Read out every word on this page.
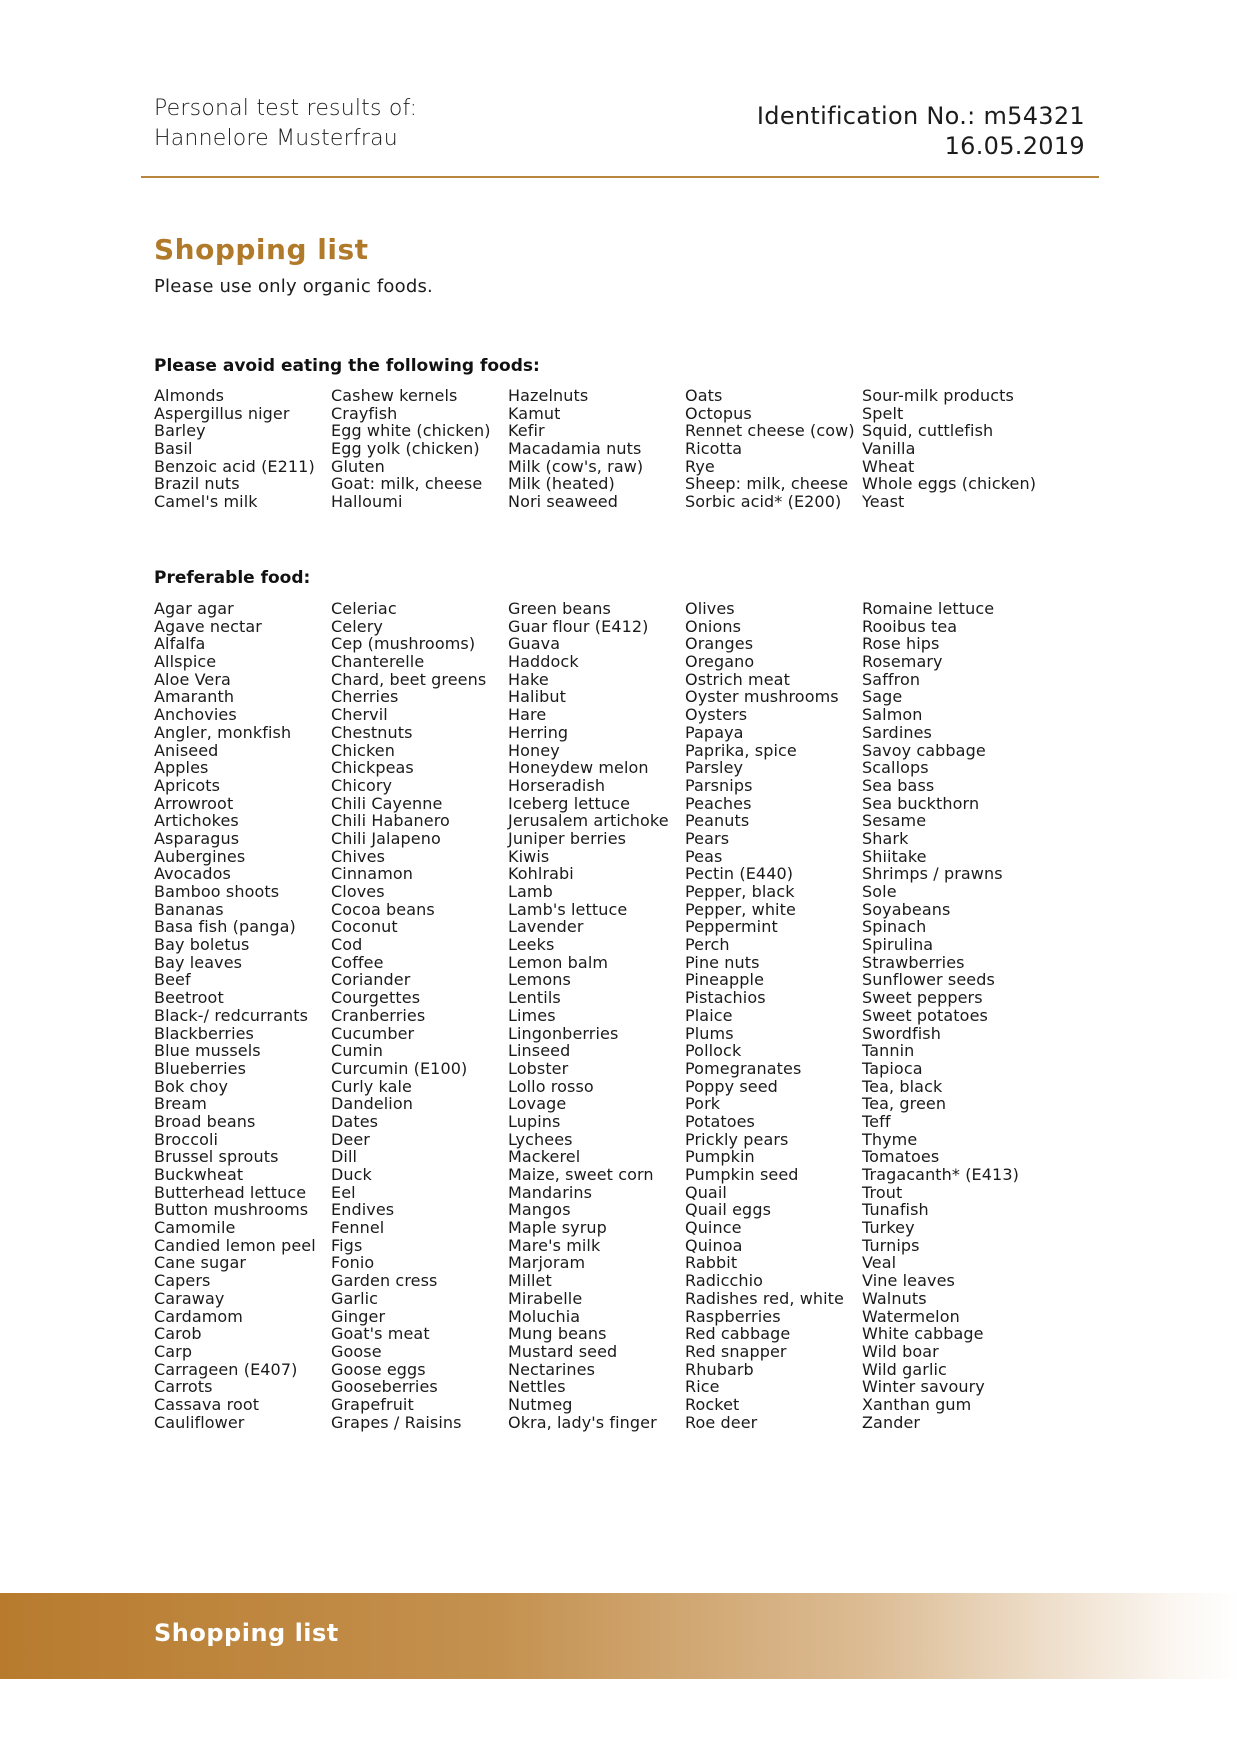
Personal test results of:
Hannelore Musterfrau
Identification No.: m54321
16.05.2019
Shopping list
Please use only organic foods.
Please avoid eating the following foods:
Almonds
Aspergillus niger
Barley
Basil
Benzoic acid (E211)
Brazil nuts
Camel's milk
Cashew kernels
Crayfish
Egg white (chicken)
Egg yolk (chicken)
Gluten
Goat: milk, cheese
Halloumi
Hazelnuts
Kamut
Kefir
Macadamia nuts
Milk (cow's, raw)
Milk (heated)
Nori seaweed
Oats
Octopus
Rennet cheese (cow)
Ricotta
Rye
Sheep: milk, cheese
Sorbic acid* (E200)
Sour-milk products
Spelt
Squid, cuttlefish
Vanilla
Wheat
Whole eggs (chicken)
Yeast
Preferable food:
Agar agar
Agave nectar
Alfalfa
Allspice
Aloe Vera
Amaranth
Anchovies
Angler, monkfish
Aniseed
Apples
Apricots
Arrowroot
Artichokes
Asparagus
Aubergines
Avocados
Bamboo shoots
Bananas
Basa fish (panga)
Bay boletus
Bay leaves
Beef
Beetroot
Black-/ redcurrants
Blackberries
Blue mussels
Blueberries
Bok choy
Bream
Broad beans
Broccoli
Brussel sprouts
Buckwheat
Butterhead lettuce
Button mushrooms
Camomile
Candied lemon peel
Cane sugar
Capers
Caraway
Cardamom
Carob
Carp
Carrageen (E407)
Carrots
Cassava root
Cauliflower
Celeriac
Celery
Cep (mushrooms)
Chanterelle
Chard, beet greens
Cherries
Chervil
Chestnuts
Chicken
Chickpeas
Chicory
Chili Cayenne
Chili Habanero
Chili Jalapeno
Chives
Cinnamon
Cloves
Cocoa beans
Coconut
Cod
Coffee
Coriander
Courgettes
Cranberries
Cucumber
Cumin
Curcumin (E100)
Curly kale
Dandelion
Dates
Deer
Dill
Duck
Eel
Endives
Fennel
Figs
Fonio
Garden cress
Garlic
Ginger
Goat's meat
Goose
Goose eggs
Gooseberries
Grapefruit
Grapes / Raisins
Green beans
Guar flour (E412)
Guava
Haddock
Hake
Halibut
Hare
Herring
Honey
Honeydew melon
Horseradish
Iceberg lettuce
Jerusalem artichoke
Juniper berries
Kiwis
Kohlrabi
Lamb
Lamb's lettuce
Lavender
Leeks
Lemon balm
Lemons
Lentils
Limes
Lingonberries
Linseed
Lobster
Lollo rosso
Lovage
Lupins
Lychees
Mackerel
Maize, sweet corn
Mandarins
Mangos
Maple syrup
Mare's milk
Marjoram
Millet
Mirabelle
Moluchia
Mung beans
Mustard seed
Nectarines
Nettles
Nutmeg
Okra, lady's finger
Olives
Onions
Oranges
Oregano
Ostrich meat
Oyster mushrooms
Oysters
Papaya
Paprika, spice
Parsley
Parsnips
Peaches
Peanuts
Pears
Peas
Pectin (E440)
Pepper, black
Pepper, white
Peppermint
Perch
Pine nuts
Pineapple
Pistachios
Plaice
Plums
Pollock
Pomegranates
Poppy seed
Pork
Potatoes
Prickly pears
Pumpkin
Pumpkin seed
Quail
Quail eggs
Quince
Quinoa
Rabbit
Radicchio
Radishes red, white
Raspberries
Red cabbage
Red snapper
Rhubarb
Rice
Rocket
Roe deer
Romaine lettuce
Rooibus tea
Rose hips
Rosemary
Saffron
Sage
Salmon
Sardines
Savoy cabbage
Scallops
Sea bass
Sea buckthorn
Sesame
Shark
Shiitake
Shrimps / prawns
Sole
Soyabeans
Spinach
Spirulina
Strawberries
Sunflower seeds
Sweet peppers
Sweet potatoes
Swordfish
Tannin
Tapioca
Tea, black
Tea, green
Teff
Thyme
Tomatoes
Tragacanth* (E413)
Trout
Tunafish
Turkey
Turnips
Veal
Vine leaves
Walnuts
Watermelon
White cabbage
Wild boar
Wild garlic
Winter savoury
Xanthan gum
Zander
Shopping list
